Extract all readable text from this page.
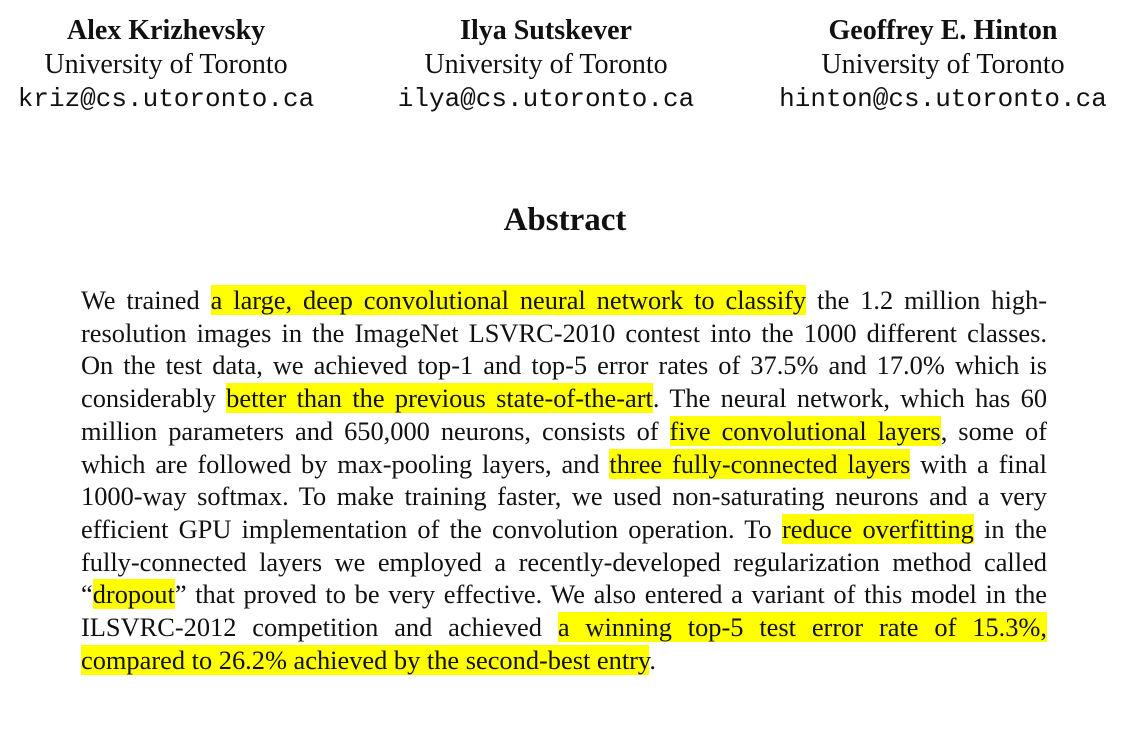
Alex Krizhevsky
University of Toronto
kriz@cs.utoronto.ca
Ilya Sutskever
University of Toronto
ilya@cs.utoronto.ca
Geoffrey E. Hinton
University of Toronto
hinton@cs.utoronto.ca
Abstract

We trained a large, deep convolutional neural network to classify the 1.2 million high-resolution images in the ImageNet LSVRC-2010 contest into the 1000 different classes. On the test data, we achieved top-1 and top-5 error rates of 37.5% and 17.0% which is considerably better than the previous state-of-the-art. The neural network, which has 60 million parameters and 650,000 neurons, consists of five convolutional layers, some of which are followed by max-pooling layers, and three fully-connected layers with a final 1000-way softmax. To make training faster, we used non-saturating neurons and a very efficient GPU implementation of the convolution operation. To reduce overfitting in the fully-connected layers we employed a recently-developed regularization method called “dropout” that proved to be very effective. We also entered a variant of this model in the ILSVRC-2012 competition and achieved a winning top-5 test error rate of 15.3%, compared to 26.2% achieved by the second-best entry.
